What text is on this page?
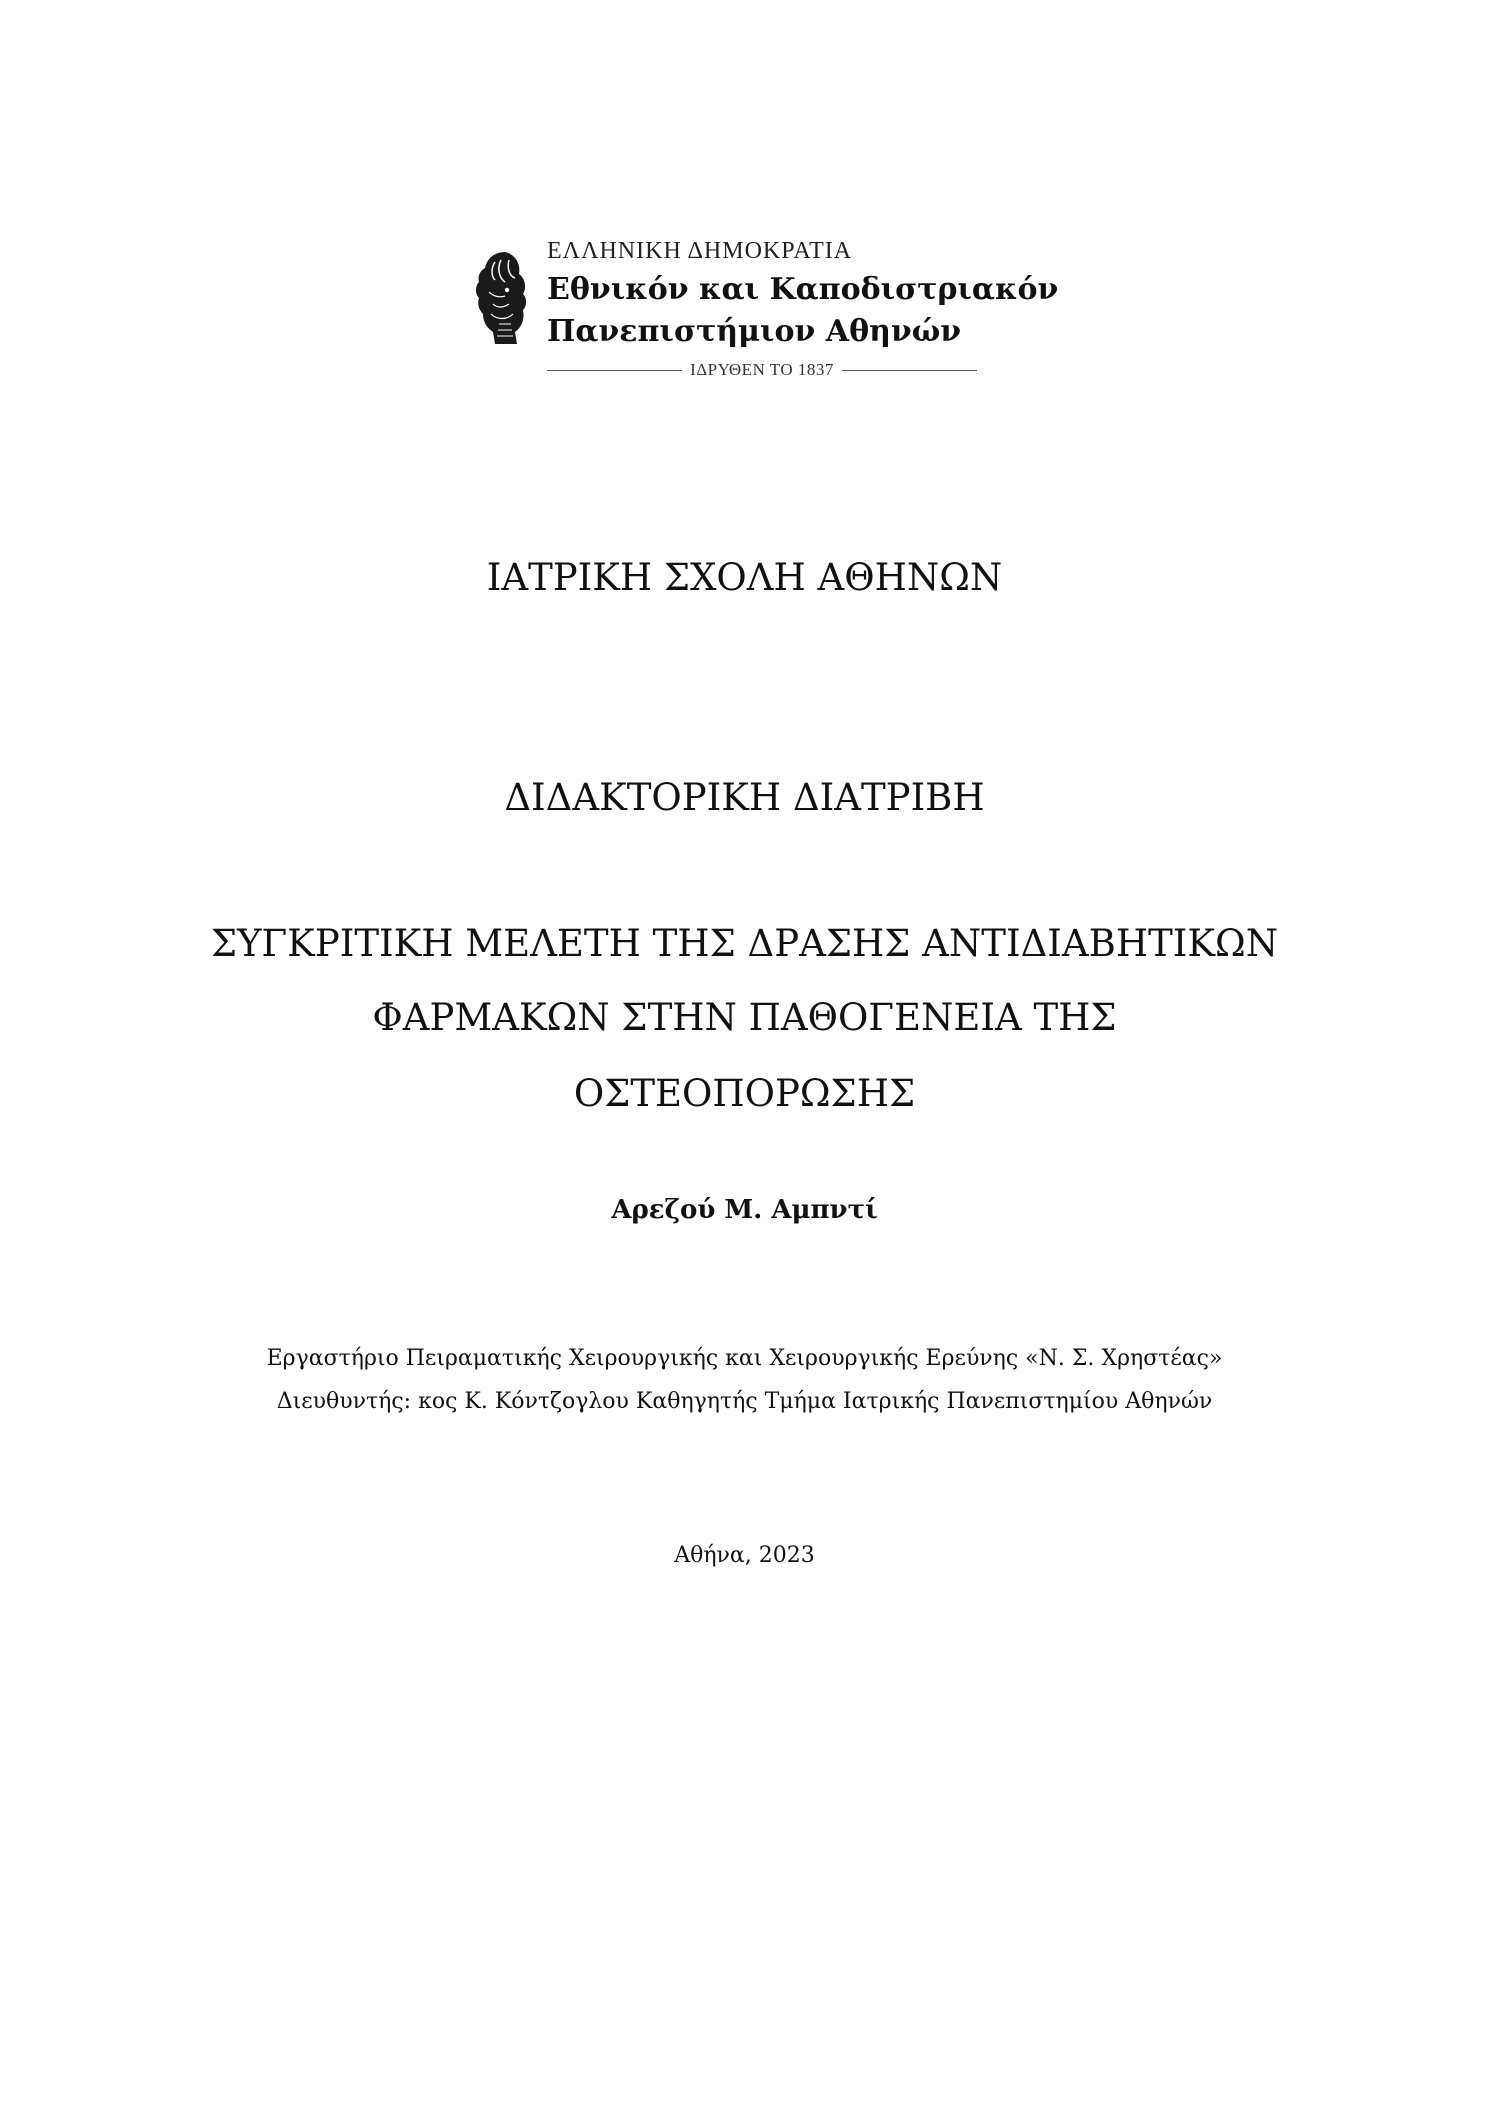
ΕΛΛΗΝΙΚΗ ΔΗΜΟΚΡΑΤΙΑ
Εθνικόν και Καποδιστριακόν
Πανεπιστήμιον Αθηνών
ΙΔΡΥΘΕΝ ΤΟ 1837
ΙΑΤΡΙΚΗ ΣΧΟΛΗ ΑΘΗΝΩΝ
ΔΙΔΑΚΤΟΡΙΚΗ ΔΙΑΤΡΙΒΗ
ΣΥΓΚΡΙΤΙΚΗ ΜΕΛΕΤΗ ΤΗΣ ΔΡΑΣΗΣ ΑΝΤΙΔΙΑΒΗΤΙΚΩΝ
ΦΑΡΜΑΚΩΝ ΣΤΗΝ ΠΑΘΟΓΕΝΕΙΑ ΤΗΣ
ΟΣΤΕΟΠΟΡΩΣΗΣ
Αρεζού Μ. Αμπντί
Εργαστήριο Πειραματικής Χειρουργικής και Χειρουργικής Ερεύνης «Ν. Σ. Χρηστέας»
Διευθυντής: κος Κ. Κόντζογλου Καθηγητής Τμήμα Ιατρικής Πανεπιστημίου Αθηνών
Αθήνα, 2023
